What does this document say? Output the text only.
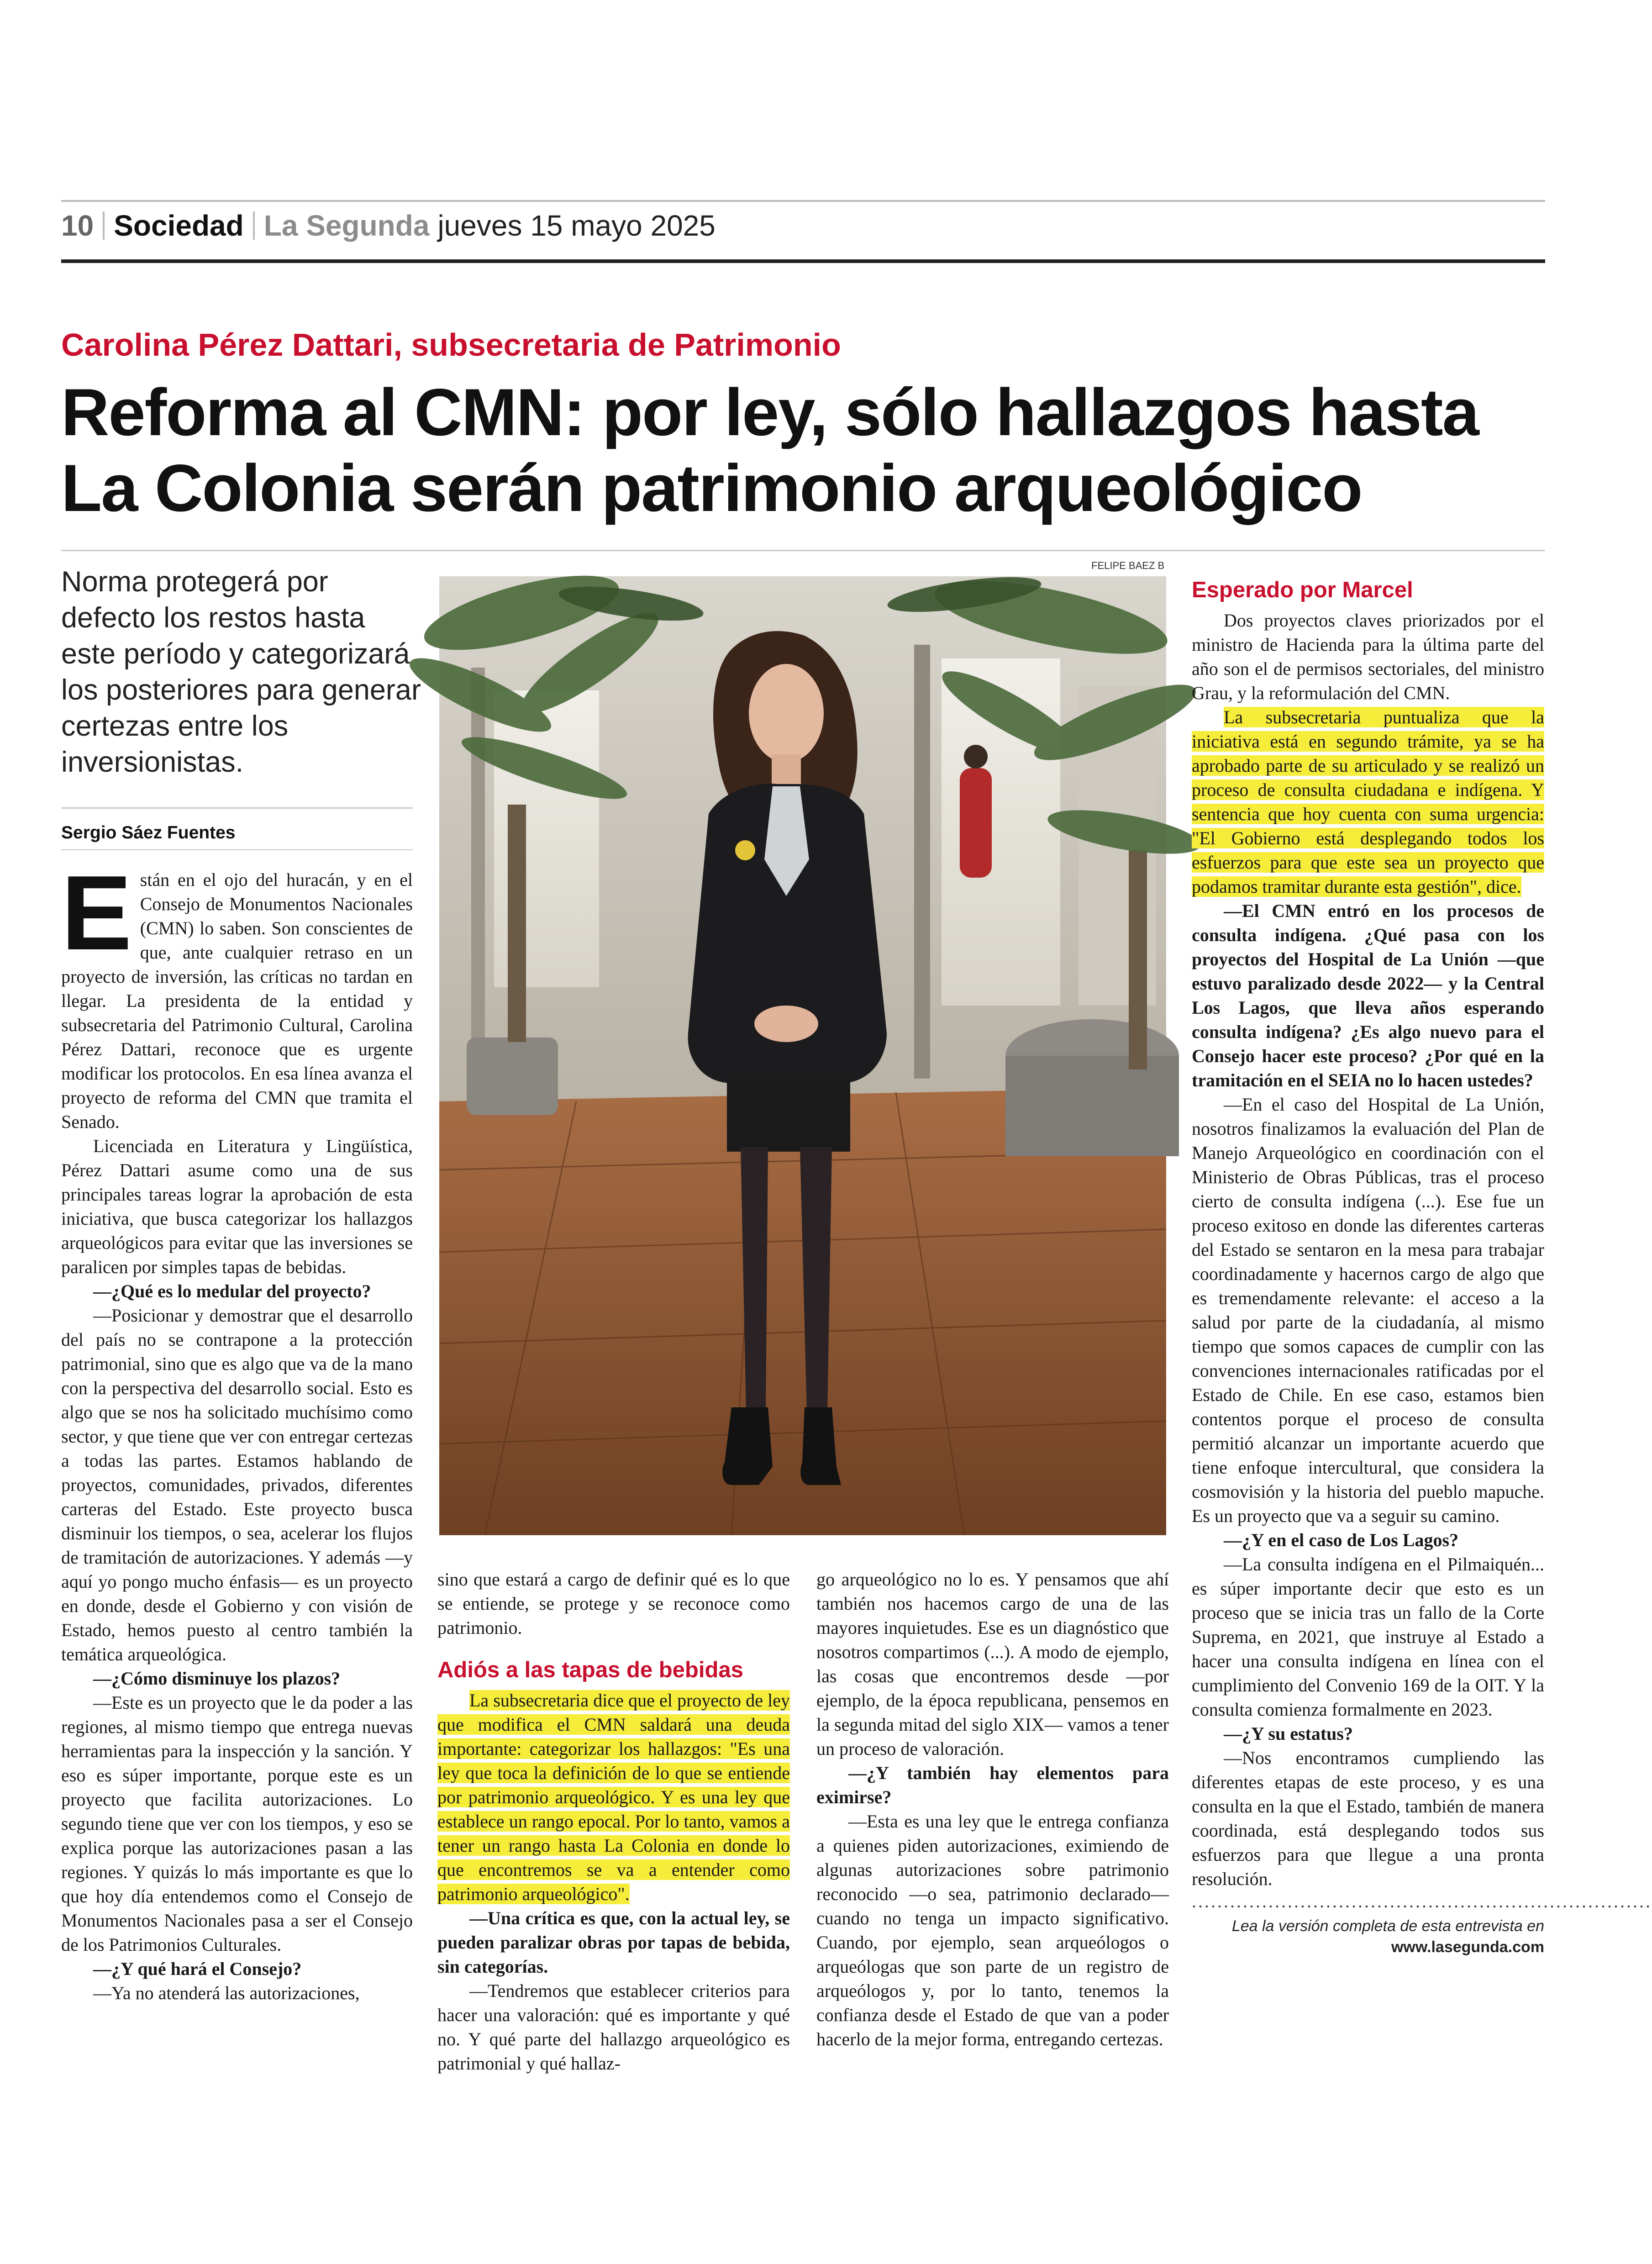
10 Sociedad La Segunda jueves 15 mayo 2025
Carolina Pérez Dattari, subsecretaria de Patrimonio
Reforma al CMN: por ley, sólo hallazgos hasta
La Colonia serán patrimonio arqueológico
Norma protegerá por defecto los restos hasta este período y categorizará los posteriores para generar certezas entre los inversionistas.
Sergio Sáez Fuentes
E stán en el ojo del huracán, y en el Consejo de Monumentos Nacionales (CMN) lo saben. Son conscientes de que, ante cualquier retraso en un proyecto de inversión, las críticas no tardan en llegar. La presidenta de la entidad y subsecretaria del Patrimonio Cultural, Carolina Pérez Dattari, reconoce que es urgente modificar los protocolos. En esa línea avanza el proyecto de reforma del CMN que tramita el Senado.

Licenciada en Literatura y Lingüística, Pérez Dattari asume como una de sus principales tareas lograr la aprobación de esta iniciativa, que busca categorizar los hallazgos arqueológicos para evitar que las inversiones se paralicen por simples tapas de bebidas.

—¿Qué es lo medular del proyecto?

—Posicionar y demostrar que el desarrollo del país no se contrapone a la protección patrimonial, sino que es algo que va de la mano con la perspectiva del desarrollo social. Esto es algo que se nos ha solicitado muchísimo como sector, y que tiene que ver con entregar certezas a todas las partes. Estamos hablando de proyectos, comunidades, privados, diferentes carteras del Estado. Este proyecto busca disminuir los tiempos, o sea, acelerar los flujos de tramitación de autorizaciones. Y además —y aquí yo pongo mucho énfasis— es un proyecto en donde, desde el Gobierno y con visión de Estado, hemos puesto al centro también la temática arqueológica.

—¿Cómo disminuye los plazos?

—Este es un proyecto que le da poder a las regiones, al mismo tiempo que entrega nuevas herramientas para la inspección y la sanción. Y eso es súper importante, porque este es un proyecto que facilita autorizaciones. Lo segundo tiene que ver con los tiempos, y eso se explica porque las autorizaciones pasan a las regiones. Y quizás lo más importante es que lo que hoy día entendemos como el Consejo de Monumentos Nacionales pasa a ser el Consejo de los Patrimonios Culturales.

—¿Y qué hará el Consejo?

—Ya no atenderá las autorizaciones,

FELIPE BAEZ B

sino que estará a cargo de definir qué es lo que se entiende, se protege y se reconoce como patrimonio.

Adiós a las tapas de bebidas

La subsecretaria dice que el proyecto de ley que modifica el CMN saldará una deuda importante: categorizar los hallazgos: "Es una ley que toca la definición de lo que se entiende por patrimonio arqueológico. Y es una ley que establece un rango epocal. Por lo tanto, vamos a tener un rango hasta La Colonia en donde lo que encontremos se va a entender como patrimonio arqueológico".

—Una crítica es que, con la actual ley, se pueden paralizar obras por tapas de bebida, sin categorías.

—Tendremos que establecer criterios para hacer una valoración: qué es importante y qué no. Y qué parte del hallazgo arqueológico es patrimonial y qué hallaz-

go arqueológico no lo es. Y pensamos que ahí también nos hacemos cargo de una de las mayores inquietudes. Ese es un diagnóstico que nosotros compartimos (...). A modo de ejemplo, las cosas que encontremos desde —por ejemplo, de la época republicana, pensemos en la segunda mitad del siglo XIX— vamos a tener un proceso de valoración.

—¿Y también hay elementos para eximirse?

—Esta es una ley que le entrega confianza a quienes piden autorizaciones, eximiendo de algunas autorizaciones sobre patrimonio reconocido —o sea, patrimonio declarado— cuando no tenga un impacto significativo. Cuando, por ejemplo, sean arqueólogos o arqueólogas que son parte de un registro de arqueólogos y, por lo tanto, tenemos la confianza desde el Estado de que van a poder hacerlo de la mejor forma, entregando certezas.

Esperado por Marcel

Dos proyectos claves priorizados por el ministro de Hacienda para la última parte del año son el de permisos sectoriales, del ministro Grau, y la reformulación del CMN.

La subsecretaria puntualiza que la iniciativa está en segundo trámite, ya se ha aprobado parte de su articulado y se realizó un proceso de consulta ciudadana e indígena. Y sentencia que hoy cuenta con suma urgencia: "El Gobierno está desplegando todos los esfuerzos para que este sea un proyecto que podamos tramitar durante esta gestión", dice.

—El CMN entró en los procesos de consulta indígena. ¿Qué pasa con los proyectos del Hospital de La Unión —que estuvo paralizado desde 2022— y la Central Los Lagos, que lleva años esperando consulta indígena? ¿Es algo nuevo para el Consejo hacer este proceso? ¿Por qué en la tramitación en el SEIA no lo hacen ustedes?

—En el caso del Hospital de La Unión, nosotros finalizamos la evaluación del Plan de Manejo Arqueológico en coordinación con el Ministerio de Obras Públicas, tras el proceso cierto de consulta indígena (...). Ese fue un proceso exitoso en donde las diferentes carteras del Estado se sentaron en la mesa para trabajar coordinadamente y hacernos cargo de algo que es tremendamente relevante: el acceso a la salud por parte de la ciudadanía, al mismo tiempo que somos capaces de cumplir con las convenciones internacionales ratificadas por el Estado de Chile. En ese caso, estamos bien contentos porque el proceso de consulta permitió alcanzar un importante acuerdo que tiene enfoque intercultural, que considera la cosmovisión y la historia del pueblo mapuche. Es un proyecto que va a seguir su camino.

—¿Y en el caso de Los Lagos?

—La consulta indígena en el Pilmaiquén... es súper importante decir que esto es un proceso que se inicia tras un fallo de la Corte Suprema, en 2021, que instruye al Estado a hacer una consulta indígena en línea con el cumplimiento del Convenio 169 de la OIT. Y la consulta comienza formalmente en 2023.

—¿Y su estatus?

—Nos encontramos cumpliendo las diferentes etapas de este proceso, y es una consulta en la que el Estado, también de manera coordinada, está desplegando todos sus esfuerzos para que llegue a una pronta resolución.

........................................................................
Lea la versión completa de esta entrevista en www.lasegunda.com
